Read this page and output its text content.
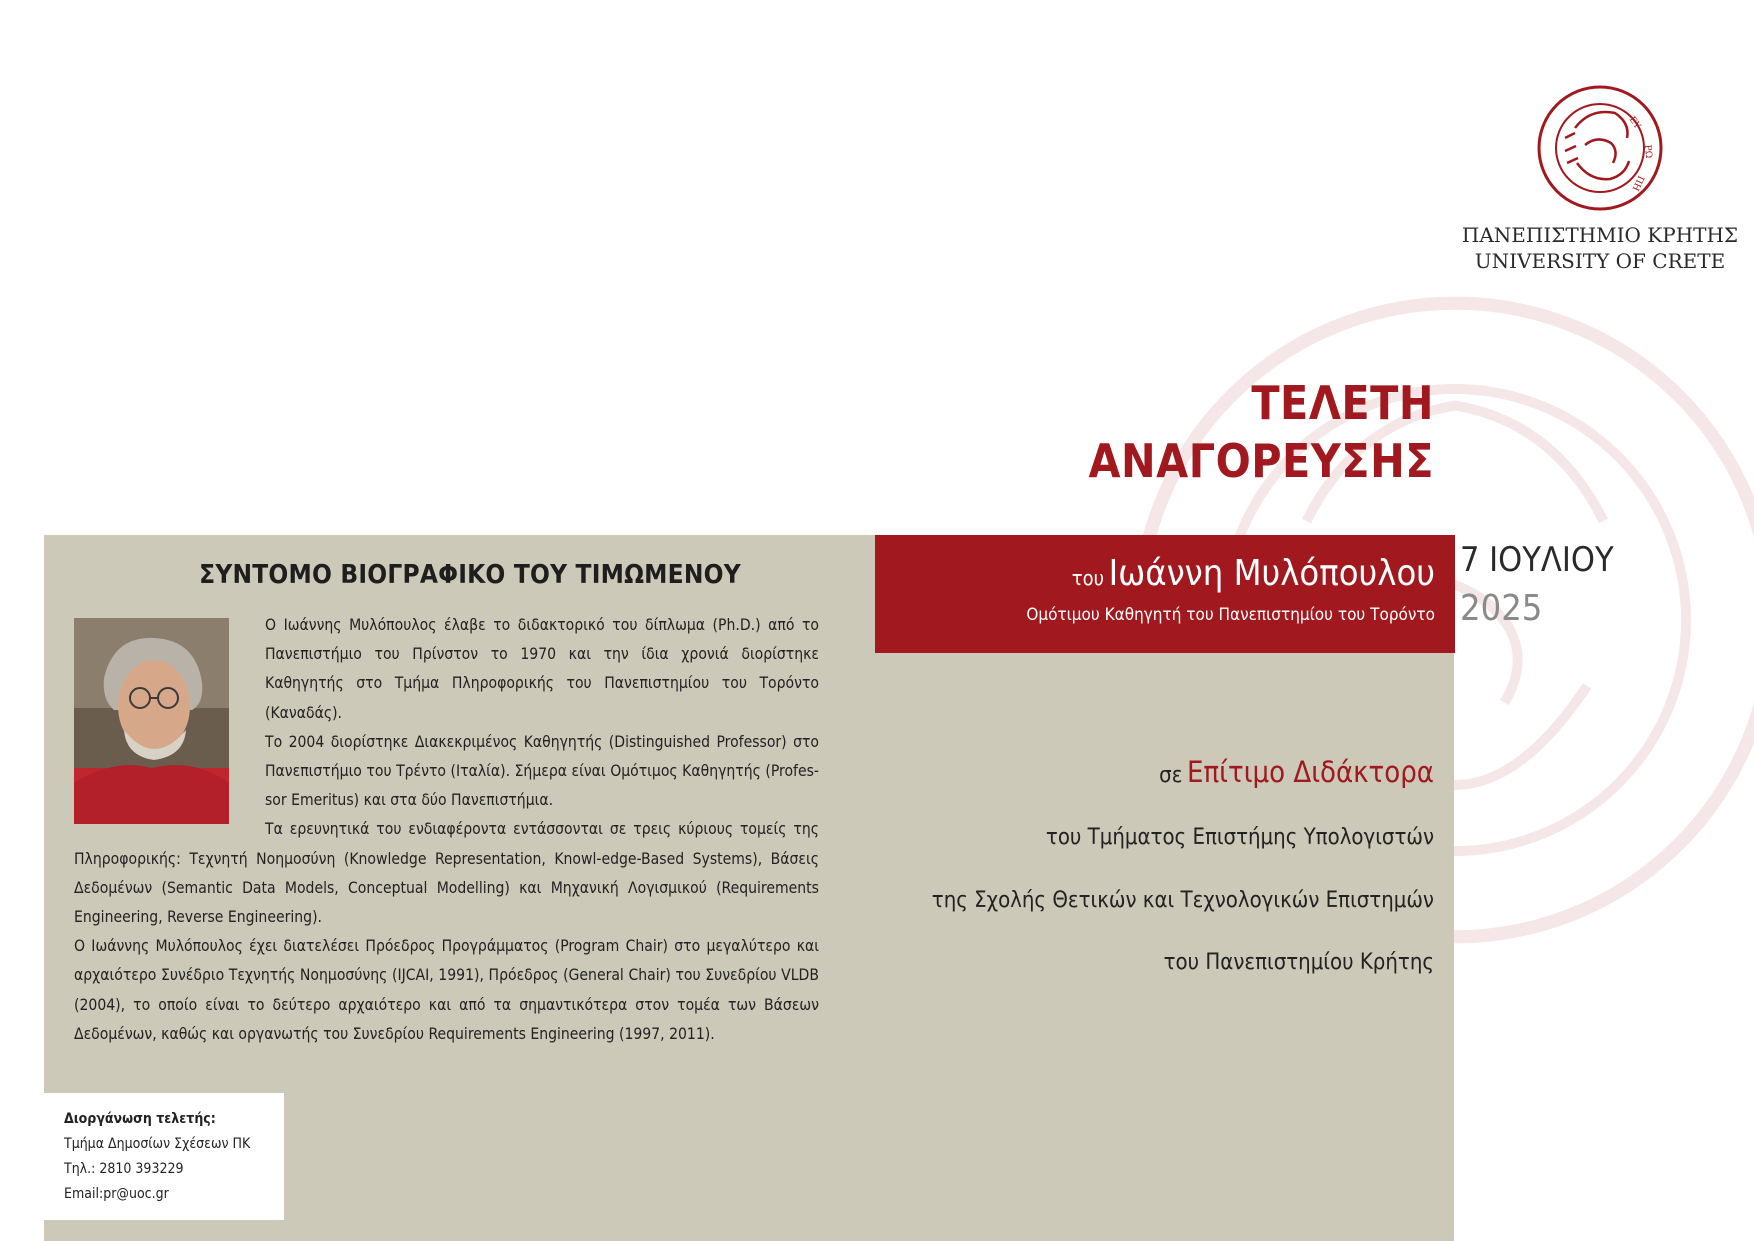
ΕΥ
ΡΩ
ΠΗ
ΠΑΝΕΠΙΣΤΗΜΙΟ ΚΡΗΤΗΣ
UNIVERSITY OF CRETE
ΤΕΛΕΤΗ
ΑΝΑΓΟΡΕΥΣΗΣ
ΣΥΝΤΟΜΟ ΒΙΟΓΡΑΦΙΚΟ ΤΟΥ ΤΙΜΩΜΕΝΟΥ

Ο Ιωάννης Μυλόπουλος έλαβε το διδακτορικό του δίπλωμα (Ph.D.) από το Πανεπιστήμιο του Πρίνστον το 1970 και την ίδια χρονιά διορίστηκε Καθηγητής στο Τμήμα Πληροφορικής του Πανεπιστημίου του Τορόντο (Καναδάς).

Το 2004 διορίστηκε Διακεκριμένος Καθηγητής (Distinguished Professor) στο Πανεπιστήμιο του Τρέντο (Ιταλία). Σήμερα είναι Ομότιμος Καθηγητής (Profes-sor Emeritus) και στα δύο Πανεπιστήμια.

Τα ερευνητικά του ενδιαφέροντα εντάσσονται σε τρεις κύριους τομείς της Πληροφορικής: Τεχνητή Νοημοσύνη (Knowledge Representation, Knowl-edge-Based Systems), Βάσεις Δεδομένων (Semantic Data Models, Conceptual Modelling) και Μηχανική Λογισμικού (Requirements Engineering, Reverse Engineering).

Ο Ιωάννης Μυλόπουλος έχει διατελέσει Πρόεδρος Προγράμματος (Program Chair) στο μεγαλύτερο και αρχαιότερο Συνέδριο Τεχνητής Νοημοσύνης (IJCAI, 1991), Πρόεδρος (General Chair) του Συνεδρίου VLDB (2004), το οποίο είναι το δεύτερο αρχαιότερο και από τα σημαντικότερα στον τομέα των Βάσεων Δεδομένων, καθώς και οργανωτής του Συνεδρίου Requirements Engineering (1997, 2011).

Διοργάνωση τελετής:
Τμήμα Δημοσίων Σχέσεων ΠΚ
Τηλ.: 2810 393229
Email:pr@uoc.gr
του Ιωάννη Μυλόπουλου
Ομότιμου Καθηγητή του Πανεπιστημίου του Τορόντο
7 ΙΟΥΛΙΟΥ
2025
σε Επίτιμο Διδάκτορα
του Τμήματος Επιστήμης Υπολογιστών
της Σχολής Θετικών και Τεχνολογικών Επιστημών
του Πανεπιστημίου Κρήτης
